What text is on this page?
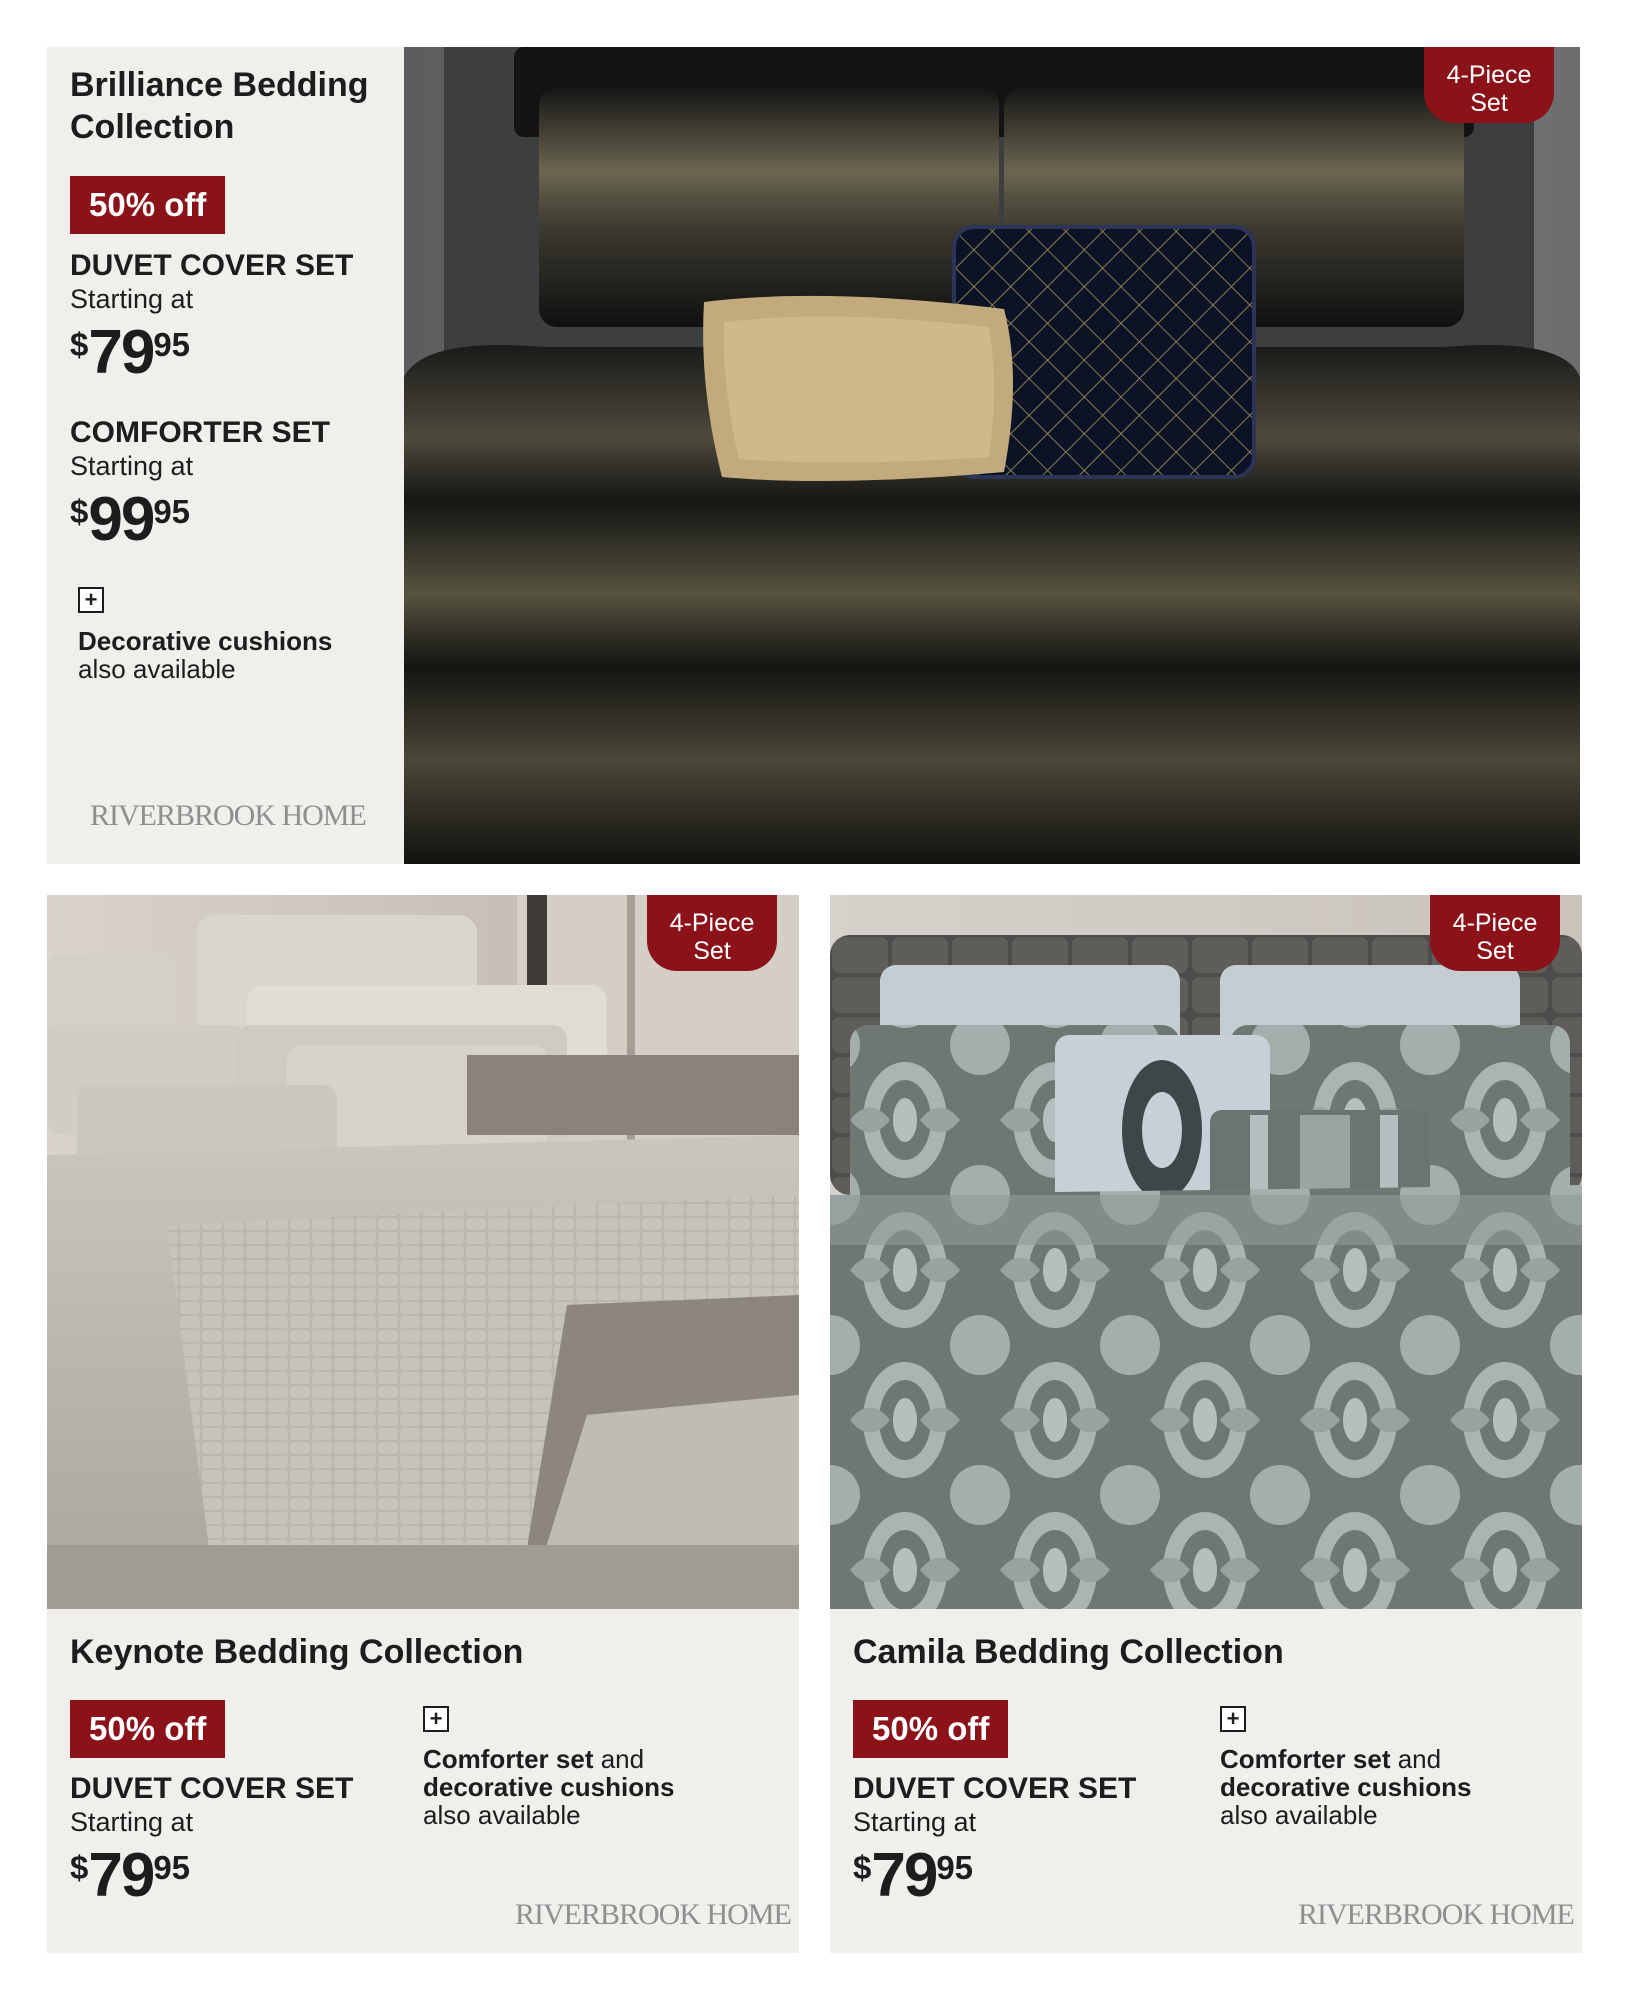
4-Piece
Set
Brilliance Bedding
Collection
50% off
DUVET COVER SET
Starting at
$7995
COMFORTER SET
Starting at
$9995
+
Decorative cushions
also available
RIVERBROOK HOME
4-Piece
Set
Keynote Bedding Collection
50% off
DUVET COVER SET
Starting at
$7995
+
Comforter set and
decorative cushions
also available
RIVERBROOK HOME
4-Piece
Set
Camila Bedding Collection
50% off
DUVET COVER SET
Starting at
$7995
+
Comforter set and
decorative cushions
also available
RIVERBROOK HOME
